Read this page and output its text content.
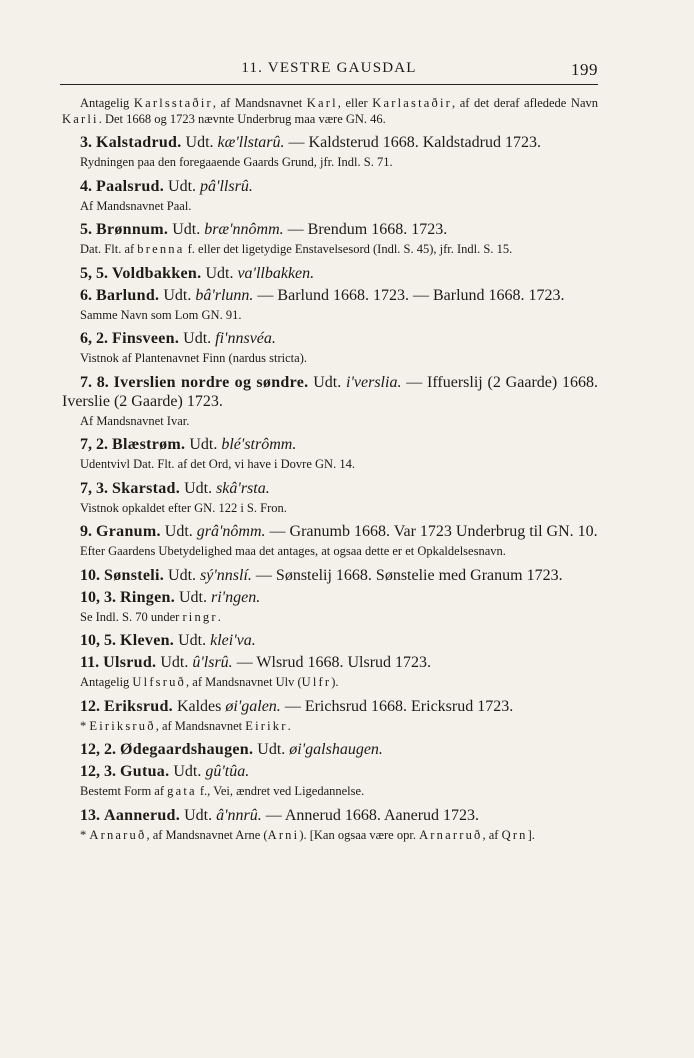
11. VESTRE GAUSDAL	199

Antagelig Karlsstaðir, af Mandsnavnet Karl, eller Karlastaðir, af det deraf afledede Navn Karli. Det 1668 og 1723 nævnte Underbrug maa være GN. 46.

3. Kalstadrud. Udt. kæ'llstarû. — Kaldsterud 1668. Kaldstadrud 1723.

Rydningen paa den foregaaende Gaards Grund, jfr. Indl. S. 71.

4. Paalsrud. Udt. pâ'llsrû.

Af Mandsnavnet Paal.

5. Brønnum. Udt. bræ'nnômm. — Brendum 1668. 1723.

Dat. Flt. af brenna f. eller det ligetydige Enstavelsesord (Indl. S. 45), jfr. Indl. S. 15.

5, 5. Voldbakken. Udt. vɑ'llbakken.

6. Barlund. Udt. bâ'rlunn. — Barlund 1668. 1723. — Barlund 1668. 1723.

Samme Navn som Lom GN. 91.

6, 2. Finsveen. Udt. fi'nnsvéa.

Vistnok af Plantenavnet Finn (nardus stricta).

7. 8. Iverslien nordre og søndre. Udt. i'verslia. — Iffuerslij (2 Gaarde) 1668. Iverslie (2 Gaarde) 1723.

Af Mandsnavnet Ivar.

7, 2. Blæstrøm. Udt. blé'strômm.

Udentvivl Dat. Flt. af det Ord, vi have i Dovre GN. 14.

7, 3. Skarstad. Udt. skâ'rsta.

Vistnok opkaldet efter GN. 122 i S. Fron.

9. Granum. Udt. grâ'nômm. — Granumb 1668. Var 1723 Underbrug til GN. 10.

Efter Gaardens Ubetydelighed maa det antages, at ogsaa dette er et Opkaldelsesnavn.

10. Sønsteli. Udt. sý'nnslí. — Sønstelij 1668. Sønstelie med Granum 1723.

10, 3. Ringen. Udt. ri'ngen.

Se Indl. S. 70 under ringr.

10, 5. Kleven. Udt. klei'va.

11. Ulsrud. Udt. û'lsrû. — Wlsrud 1668. Ulsrud 1723.

Antagelig Ulfsruð, af Mandsnavnet Ulv (Ulfr).

12. Eriksrud. Kaldes øi'galen. — Erichsrud 1668. Ericksrud 1723.

* Eiriksruð, af Mandsnavnet Eirikr.

12, 2. Ødegaardshaugen. Udt. øi'galshaugen.

12, 3. Gutua. Udt. gû'tûa.

Bestemt Form af gata f., Vei, ændret ved Ligedannelse.

13. Aannerud. Udt. â'nnrû. — Annerud 1668. Aanerud 1723.

* Arnaruð, af Mandsnavnet Arne (Arni). [Kan ogsaa være opr. Arnarruð, af Qrn].
